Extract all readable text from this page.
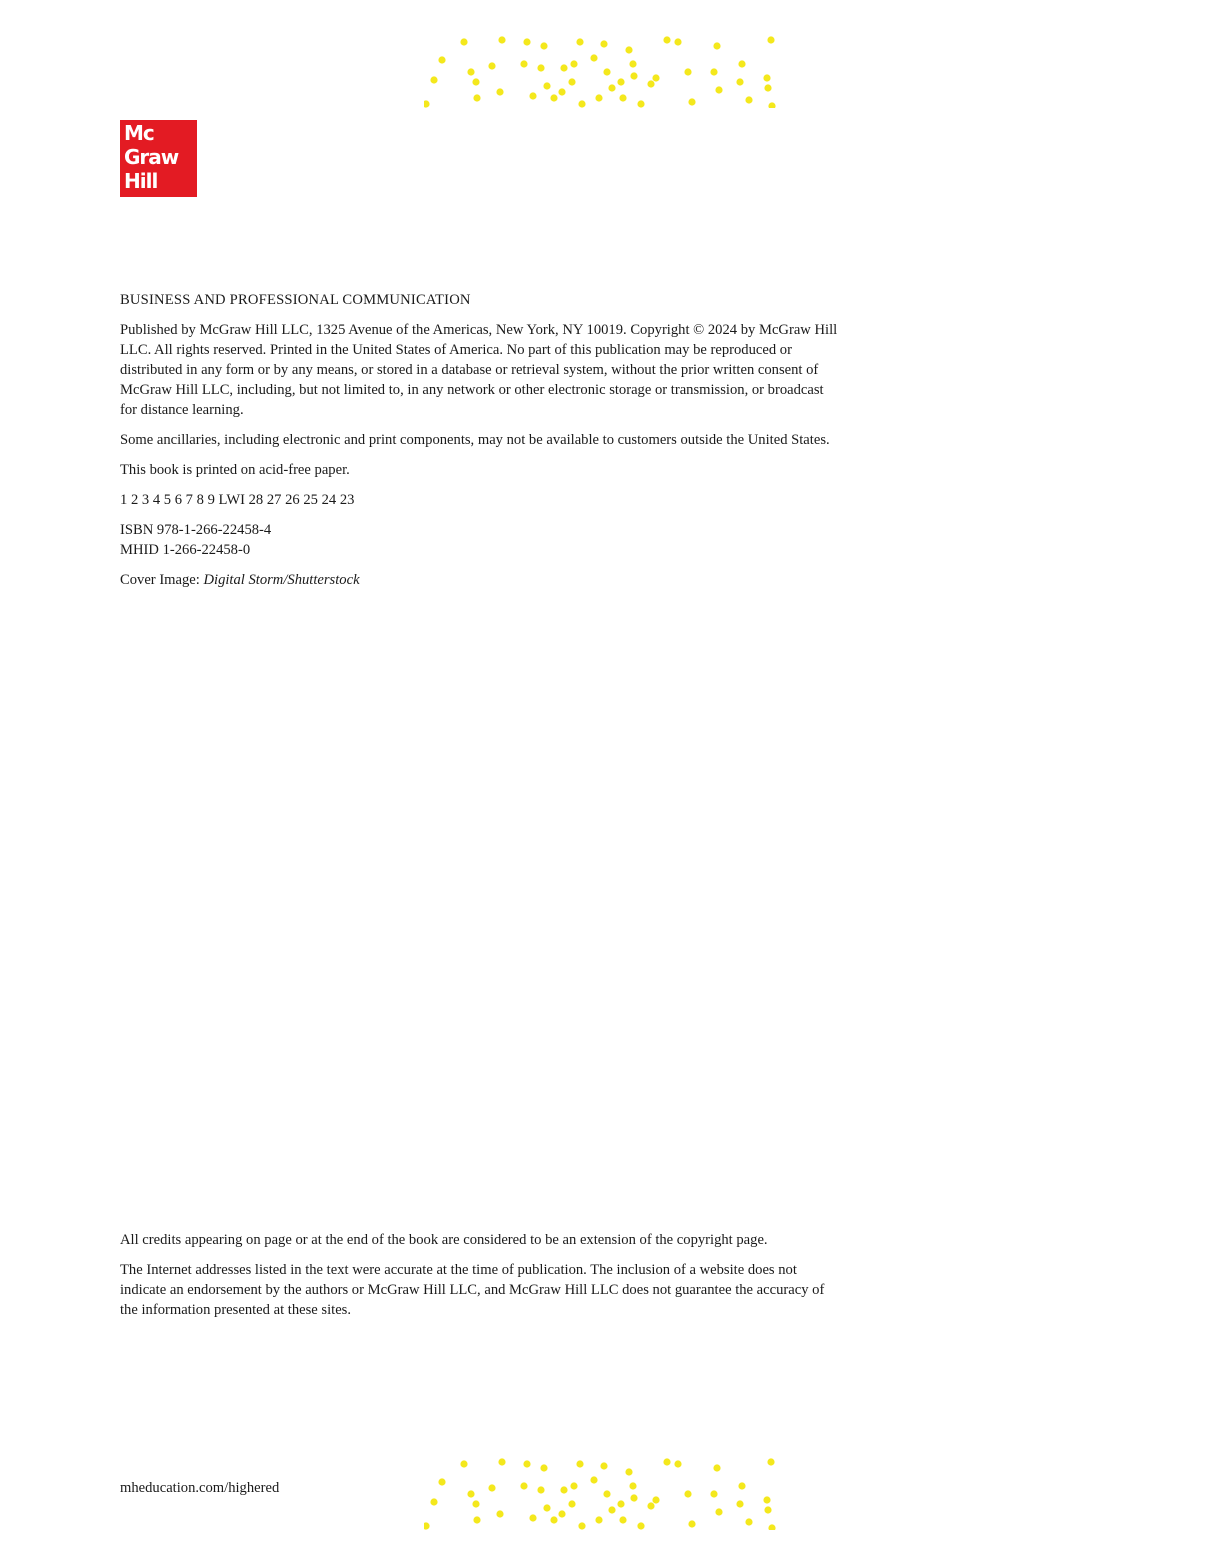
Mc
Graw
Hill

BUSINESS AND PROFESSIONAL COMMUNICATION

Published by McGraw Hill LLC, 1325 Avenue of the Americas, New York, NY 10019. Copyright © 2024 by McGraw Hill LLC. All rights reserved. Printed in the United States of America. No part of this publication may be reproduced or distributed in any form or by any means, or stored in a database or retrieval system, without the prior written consent of McGraw Hill LLC, including, but not limited to, in any network or other electronic storage or transmission, or broadcast for distance learning.

Some ancillaries, including electronic and print components, may not be available to customers outside the United States.

This book is printed on acid-free paper.

1 2 3 4 5 6 7 8 9 LWI 28 27 26 25 24 23

ISBN 978-1-266-22458-4
MHID 1-266-22458-0

Cover Image: Digital Storm/Shutterstock

All credits appearing on page or at the end of the book are considered to be an extension of the copyright page.

The Internet addresses listed in the text were accurate at the time of publication. The inclusion of a website does not indicate an endorsement by the authors or McGraw Hill LLC, and McGraw Hill LLC does not guarantee the accuracy of the information presented at these sites.

mheducation.com/highered
